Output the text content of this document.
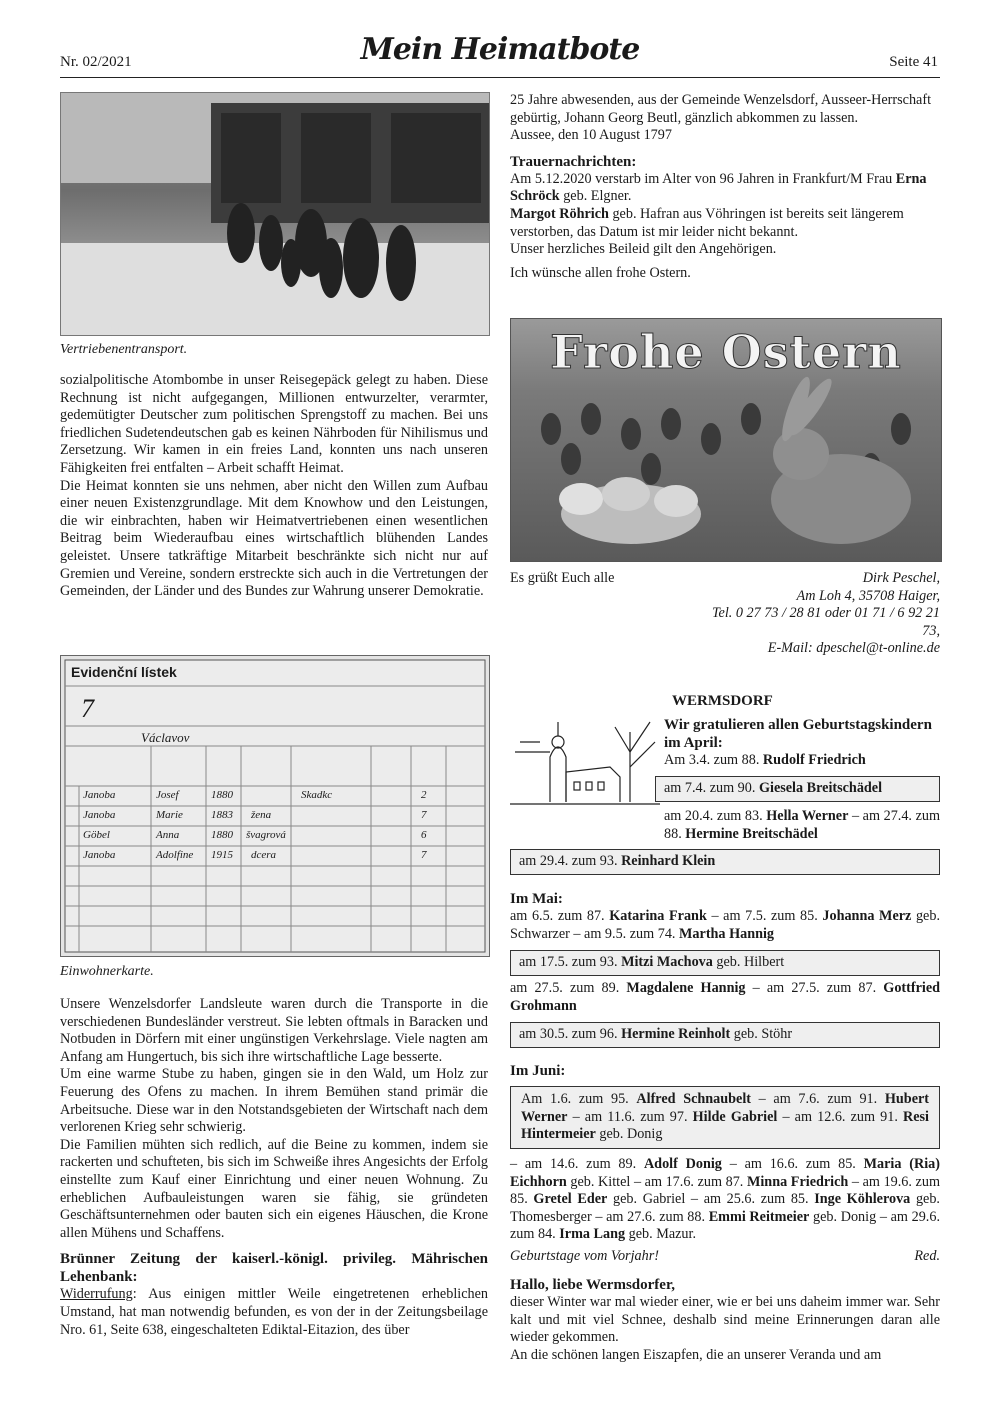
Nr. 02/2021	Mein Heimatbote	Seite 41
Vertriebenentransport.

sozialpolitische Atombombe in unser Reisegepäck gelegt zu haben. Diese Rechnung ist nicht aufgegangen, Millionen entwurzelter, verarmter, gedemütigter Deutscher zum politischen Sprengstoff zu machen. Bei uns friedlichen Sudetendeutschen gab es keinen Nährboden für Nihilismus und Zersetzung. Wir kamen in ein freies Land, konnten uns nach unseren Fähigkeiten frei entfalten – Arbeit schafft Heimat.

Die Heimat konnten sie uns nehmen, aber nicht den Willen zum Aufbau einer neuen Existenzgrundlage. Mit dem Knowhow und den Leistungen, die wir einbrachten, haben wir Heimatvertriebenen einen wesentlichen Beitrag beim Wiederaufbau eines wirtschaftlich blühenden Landes geleistet. Unsere tatkräftige Mitarbeit beschränkte sich nicht nur auf Gremien und Vereine, sondern erstreckte sich auch in die Vertretungen der Gemeinden, der Länder und des Bundes zur Wahrung unserer Demokratie.

Evidenční lístek
7
Václavov
Janoba	Josef	1880	Skadkc	2
Janoba	Marie	1883 žena	7
Göbel	Anna	1880 švagrová	6
Janoba	Adolfine 1915 dcera	7
Einwohnerkarte.

Unsere Wenzelsdorfer Landsleute waren durch die Transporte in die verschiedenen Bundesländer verstreut. Sie lebten oftmals in Baracken und Notbuden in Dörfern mit einer ungünstigen Verkehrslage. Viele nagten am Anfang am Hungertuch, bis sich ihre wirtschaftliche Lage besserte.

Um eine warme Stube zu haben, gingen sie in den Wald, um Holz zur Feuerung des Ofens zu machen. In ihrem Bemühen stand primär die Arbeitsuche. Diese war in den Notstandsgebieten der Wirtschaft nach dem verlorenen Krieg sehr schwierig.

Die Familien mühten sich redlich, auf die Beine zu kommen, indem sie rackerten und schufteten, bis sich im Schweiße ihres Angesichts der Erfolg einstellte zum Kauf einer Einrichtung und einer neuen Wohnung. Zu erheblichen Aufbauleistungen waren sie fähig, sie gründeten Geschäftsunternehmen oder bauten sich ein eigenes Häuschen, die Krone allen Mühens und Schaffens.

Brünner Zeitung der kaiserl.-königl. privileg. Mährischen Lehenbank:

Widerrufung: Aus einigen mittler Weile eingetretenen erheblichen Umstand, hat man notwendig befunden, es von der in der Zeitungsbeilage Nro. 61, Seite 638, eingeschalteten Ediktal-Eitazion, des über

25 Jahre abwesenden, aus der Gemeinde Wenzelsdorf, Ausseer-Herrschaft gebürtig, Johann Georg Beutl, gänzlich abkommen zu lassen.

Aussee, den 10 August 1797

Trauernachrichten:

Am 5.12.2020 verstarb im Alter von 96 Jahren in Frankfurt/M Frau Erna Schröck geb. Elgner.

Margot Röhrich geb. Hafran aus Vöhringen ist bereits seit längerem verstorben, das Datum ist mir leider nicht bekannt.

Unser herzliches Beileid gilt den Angehörigen.

Ich wünsche allen frohe Ostern.

Frohe Ostern
Es grüßt Euch alle	Dirk Peschel,
Am Loh 4, 35708 Haiger,
Tel. 0 27 73 / 28 81 oder 01 71 / 6 92 21 73,
E-Mail: dpeschel@t-online.de
WERMSDORF
Wir gratulieren allen Geburtstagskindern im April:
Am 3.4. zum 88. Rudolf Friedrich
am 7.4. zum 90. Giesela Breitschädel
am 20.4. zum 83. Hella Werner – am 27.4. zum 88. Hermine Breitschädel
am 29.4. zum 93. Reinhard Klein
Im Mai:
am 6.5. zum 87. Katarina Frank – am 7.5. zum 85. Johanna Merz geb. Schwarzer – am 9.5. zum 74. Martha Hannig
am 17.5. zum 93. Mitzi Machova geb. Hilbert
am 27.5. zum 89. Magdalene Hannig – am 27.5. zum 87. Gottfried Grohmann
am 30.5. zum 96. Hermine Reinholt geb. Stöhr
Im Juni:
Am 1.6. zum 95. Alfred Schnaubelt – am 7.6. zum 91. Hubert Werner – am 11.6. zum 97. Hilde Gabriel – am 12.6. zum 91. Resi Hintermeier geb. Donig
– am 14.6. zum 89. Adolf Donig – am 16.6. zum 85. Maria (Ria) Eichhorn geb. Kittel – am 17.6. zum 87. Minna Friedrich – am 19.6. zum 85. Gretel Eder geb. Gabriel – am 25.6. zum 85. Inge Köhlerova geb. Thomesberger – am 27.6. zum 88. Emmi Reitmeier geb. Donig – am 29.6. zum 84. Irma Lang geb. Mazur.
Geburtstage vom Vorjahr!	Red.

Hallo, liebe Wermsdorfer,

dieser Winter war mal wieder einer, wie er bei uns daheim immer war. Sehr kalt und mit viel Schnee, deshalb sind meine Erinnerungen daran alle wieder gekommen.

An die schönen langen Eiszapfen, die an unserer Veranda und am
